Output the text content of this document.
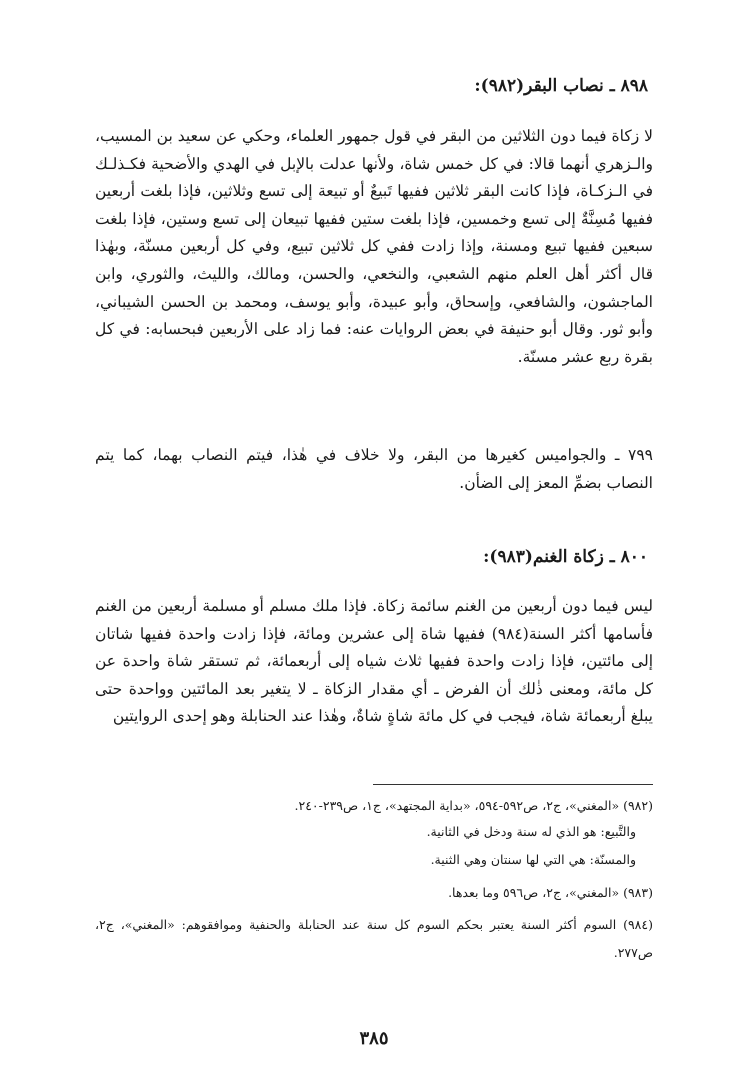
٨٩٨ ـ نصاب البقر(٩٨٢):

لا زكاة فيما دون الثلاثين من البقر في قول جمهور العلماء، وحكي عن سعيد بن المسيب، والـزهري أنهما قالا: في كل خمس شاة، ولأنها عدلت بالإبل في الهدي والأضحية فكـذلـك في الـزكـاة، فإذا كانت البقر ثلاثين ففيها تَبيعٌ أو تبيعة إلى تسع وثلاثين، فإذا بلغت أربعين ففيها مُسِنَّةٌ إلى تسع وخمسين، فإذا بلغت ستين ففيها تبيعان إلى تسع وستين، فإذا بلغت سبعين ففيها تبيع ومسنة، وإذا زادت ففي كل ثلاثين تبيع، وفي كل أربعين مسنّة، وبهٰذا قال أكثر أهل العلم منهم الشعبي، والنخعي، والحسن، ومالك، والليث، والثوري، وابن الماجشون، والشافعي، وإسحاق، وأبو عبيدة، وأبو يوسف، ومحمد بن الحسن الشيباني، وأبو ثور. وقال أبو حنيفة في بعض الروايات عنه: فما زاد على الأربعين فبحسابه: في كل بقرة ربع عشر مسنّة.

٧٩٩ ـ والجواميس كغيرها من البقر، ولا خلاف في هٰذا، فيتم النصاب بهما، كما يتم النصاب بضمِّ المعز إلى الضأن.

٨٠٠ ـ زكاة الغنم(٩٨٣):

ليس فيما دون أربعين من الغنم سائمة زكاة. فإذا ملك مسلم أو مسلمة أربعين من الغنم فأسامها أكثر السنة(٩٨٤) ففيها شاة إلى عشرين ومائة، فإذا زادت واحدة ففيها شاتان إلى مائتين، فإذا زادت واحدة ففيها ثلاث شياه إلى أربعمائة، ثم تستقر شاة واحدة عن كل مائة، ومعنى ذٰلك أن الفرض ـ أي مقدار الزكاة ـ لا يتغير بعد المائتين وواحدة حتى يبلغ أربعمائة شاة، فيجب في كل مائة شاةٍ شاةٌ، وهٰذا عند الحنابلة وهو إحدى الروايتين

(٩٨٢) «المغني»، ج٢، ص٥٩٢-٥٩٤، «بداية المجتهد»، ج١، ص٢٣٩-٢٤٠.

والتَّبيع: هو الذي له سنة ودخل في الثانية.

والمسنّة: هي التي لها سنتان وهي الثنية.

(٩٨٣) «المغني»، ج٢، ص٥٩٦ وما بعدها.

(٩٨٤) السوم أكثر السنة يعتبر بحكم السوم كل سنة عند الحنابلة والحنفية وموافقوهم: «المغني»، ج٢، ص٢٧٧.

٣٨٥
